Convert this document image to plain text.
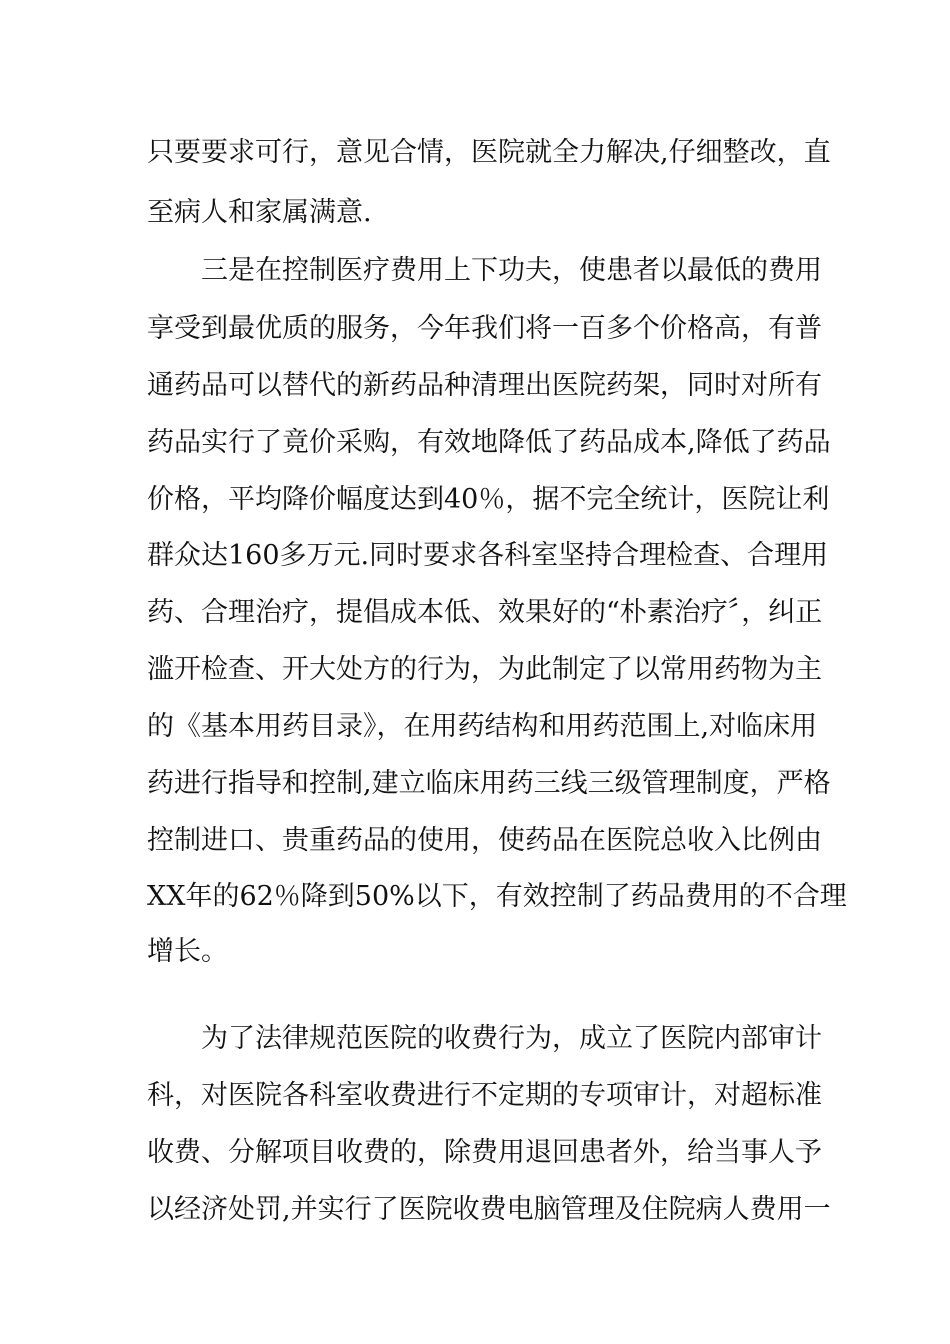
只要要求可行，意见合情，医院就全力解决,仔细整改，直
至病人和家属满意.
三是在控制医疗费用上下功夫，使患者以最低的费用
享受到最优质的服务，今年我们将一百多个价格高，有普
通药品可以替代的新药品种清理出医院药架，同时对所有
药品实行了竟价采购，有效地降低了药品成本,降低了药品
价格，平均降价幅度达到40％，据不完全统计，医院让利
群众达160多万元.同时要求各科室坚持合理检查、合理用
药、合理治疗，提倡成本低、效果好的“朴素治疗〞，纠正
滥开检查、开大处方的行为，为此制定了以常用药物为主
的《基本用药目录》，在用药结构和用药范围上,对临床用
药进行指导和控制,建立临床用药三线三级管理制度，严格
控制进口、贵重药品的使用，使药品在医院总收入比例由
XX年的62％降到50%以下，有效控制了药品费用的不合理
增长。
为了法律规范医院的收费行为，成立了医院内部审计
科，对医院各科室收费进行不定期的专项审计，对超标准
收费、分解项目收费的，除费用退回患者外，给当事人予
以经济处罚,并实行了医院收费电脑管理及住院病人费用一
